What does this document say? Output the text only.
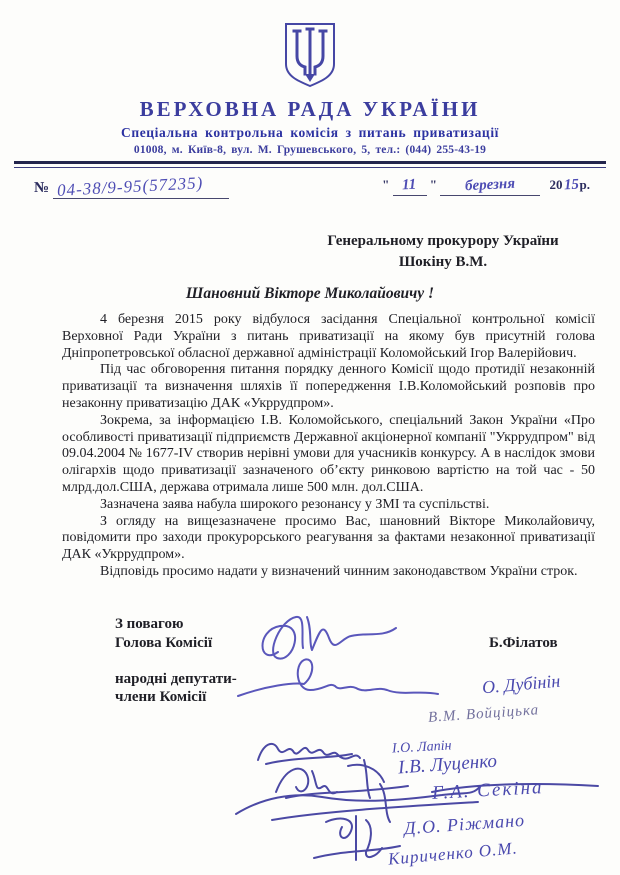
ВЕРХОВНА РАДА УКРАЇНИ
Спеціальна контрольна комісія з питань приватизації
01008, м. Київ-8, вул. М. Грушевського, 5, тел.: (044) 255-43-19
№ 04-38/9-95(57235)	" 11 " березня	2015р.
Генеральному прокурору України
Шокіну В.М.
Шановний Вікторе Миколайовичу !

4 березня 2015 року відбулося засідання Спеціальної контрольної комісії Верховної Ради України з питань приватизації на якому був присутній голова Дніпропетровської обласної державної адміністрації Коломойський Ігор Валерійович.

Під час обговорення питання порядку денного Комісії щодо протидії незаконній приватизації та визначення шляхів її попередження І.В.Коломойський розповів про незаконну приватизацію ДАК «Укррудпром».

Зокрема, за інформацією І.В. Коломойського, спеціальний Закон України «Про особливості приватизації підприємств Державної акціонерної компанії "Укррудпром" від 09.04.2004 № 1677-IV створив нерівні умови для учасників конкурсу. А в наслідок змови олігархів щодо приватизації зазначеного об’єкту ринковою вартістю на той час - 50 млрд.дол.США, держава отримала лише 500 млн. дол.США.

Зазначена заява набула широкого резонансу у ЗМІ та суспільстві.

З огляду на вищезазначене просимо Вас, шановний Вікторе Миколайовичу, повідомити про заходи прокурорського реагування за фактами незаконної приватизації ДАК «Укррудпром».

Відповідь просимо надати у визначений чинним законодавством України строк.

З повагою
Голова Комісії	Б.Філатов
народні депутати-
члени Комісії	О. Дубінін
В.М. Войціцька
І.О. Лапін
І.В. Луценко
Г.А. Секіна
Д.О. Ріжмано
Кириченко О.М.
